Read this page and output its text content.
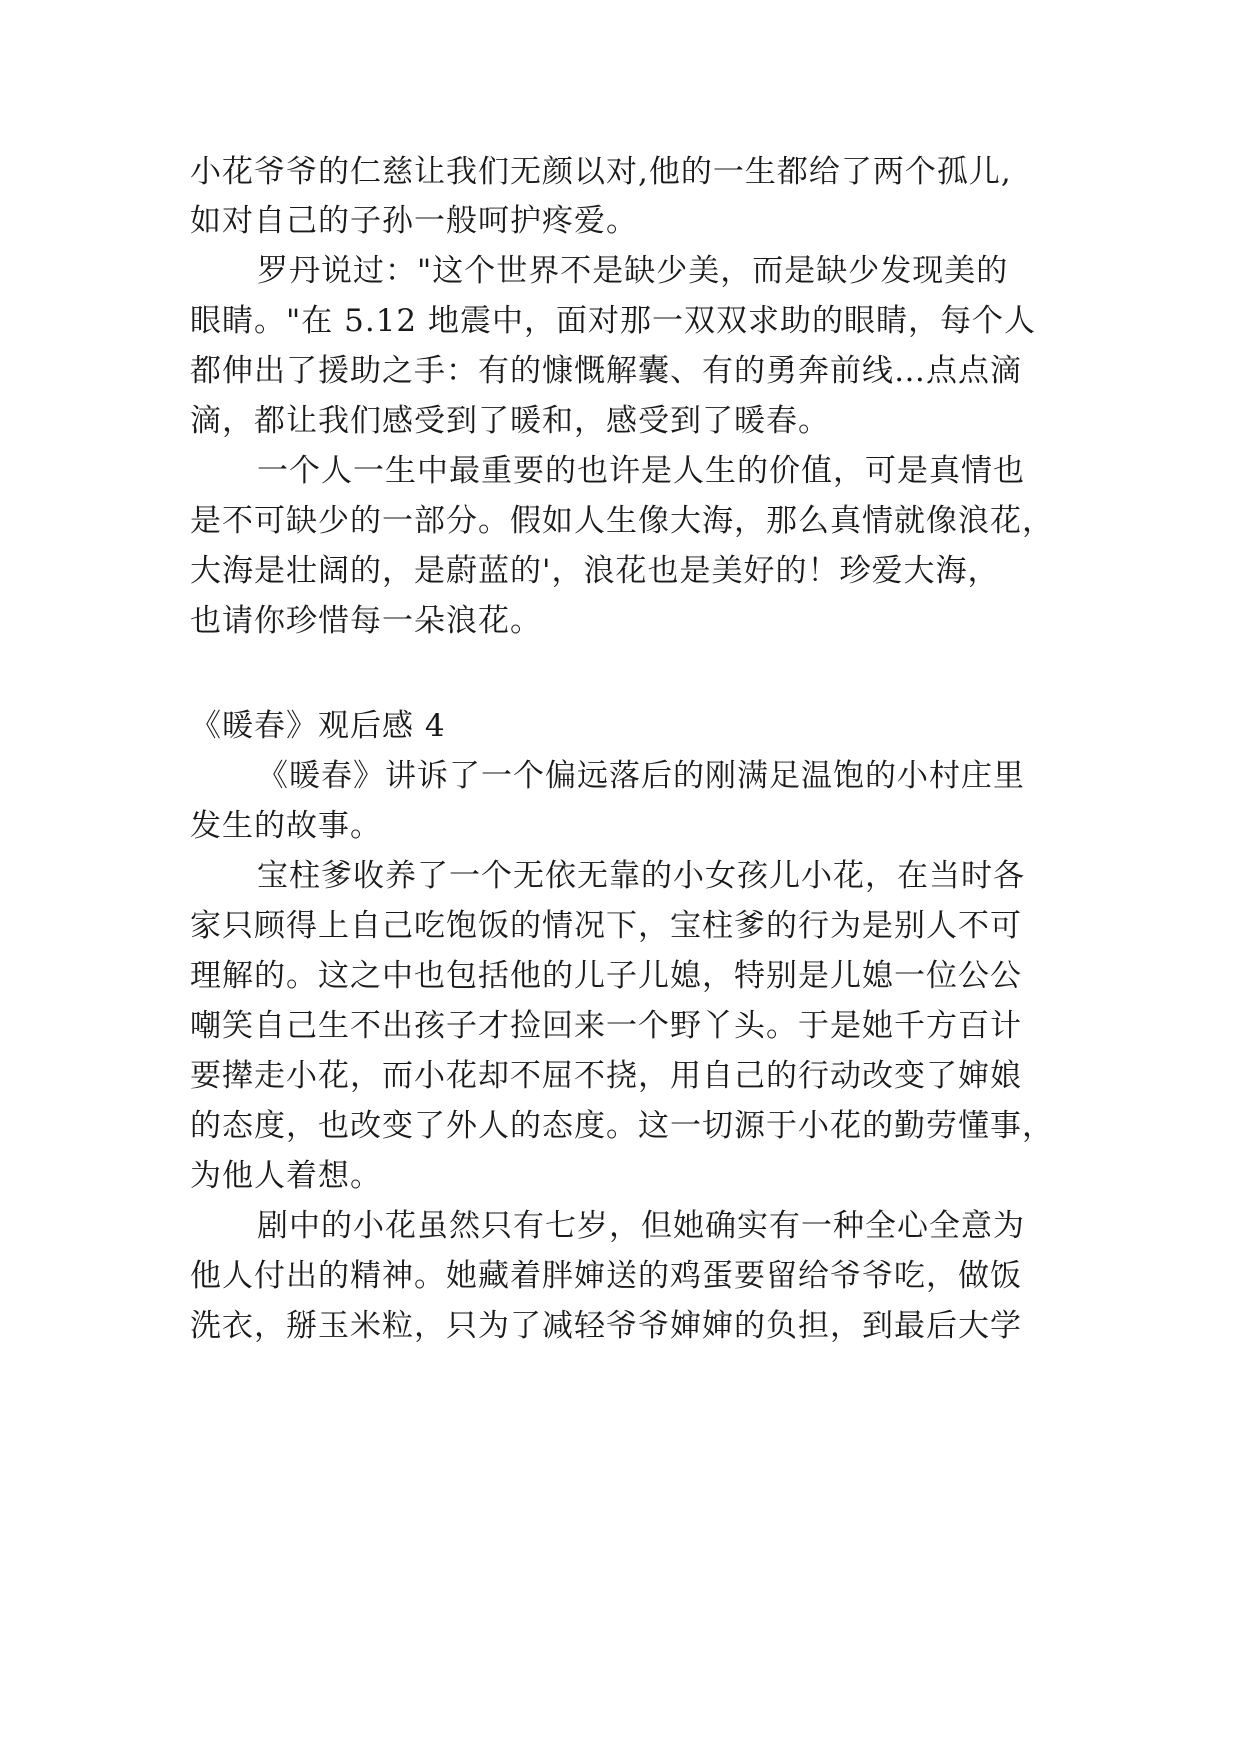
小花爷爷的仁慈让我们无颜以对,他的一生都给了两个孤儿,
如对自己的子孙一般呵护疼爱。
罗丹说过："这个世界不是缺少美，而是缺少发现美的
眼睛。"在 5.12 地震中，面对那一双双求助的眼睛，每个人
都伸出了援助之手：有的慷慨解囊、有的勇奔前线…点点滴
滴，都让我们感受到了暖和，感受到了暖春。
一个人一生中最重要的也许是人生的价值，可是真情也
是不可缺少的一部分。假如人生像大海，那么真情就像浪花，
大海是壮阔的，是蔚蓝的'，浪花也是美好的！珍爱大海，
也请你珍惜每一朵浪花。
《暖春》观后感 4
《暖春》讲诉了一个偏远落后的刚满足温饱的小村庄里
发生的故事。
宝柱爹收养了一个无依无靠的小女孩儿小花，在当时各
家只顾得上自己吃饱饭的情况下，宝柱爹的行为是别人不可
理解的。这之中也包括他的儿子儿媳，特别是儿媳一位公公
嘲笑自己生不出孩子才捡回来一个野丫头。于是她千方百计
要撵走小花，而小花却不屈不挠，用自己的行动改变了婶娘
的态度，也改变了外人的态度。这一切源于小花的勤劳懂事，
为他人着想。
剧中的小花虽然只有七岁，但她确实有一种全心全意为
他人付出的精神。她藏着胖婶送的鸡蛋要留给爷爷吃，做饭
洗衣，掰玉米粒，只为了减轻爷爷婶婶的负担，到最后大学
